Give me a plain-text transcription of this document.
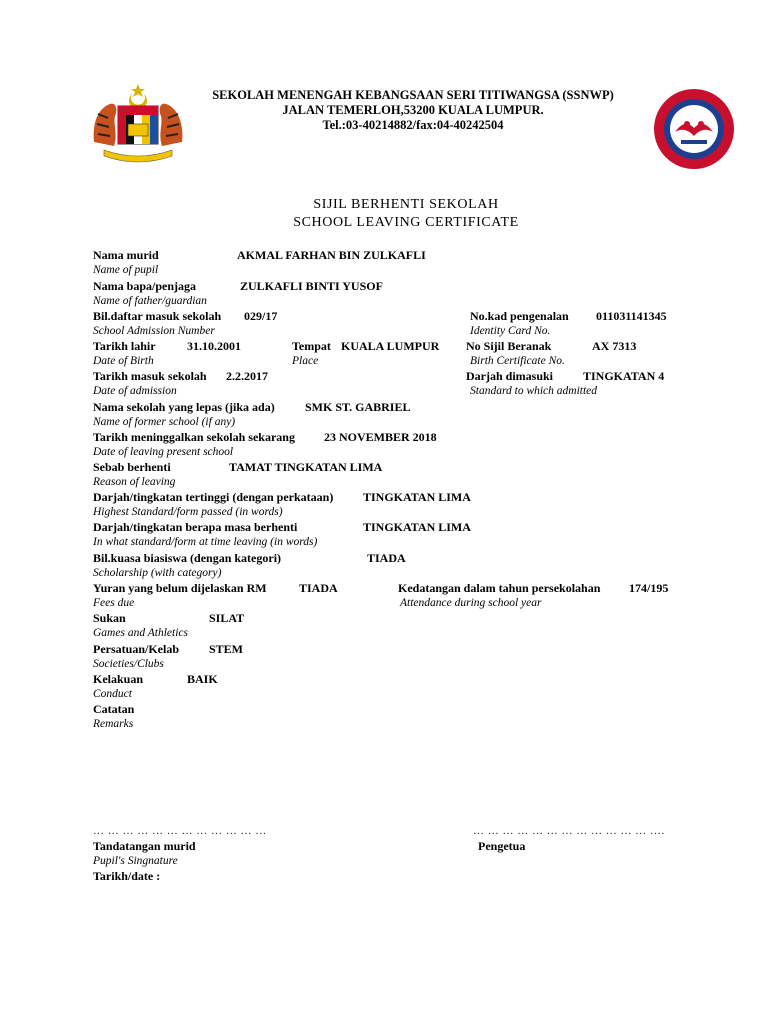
SEKOLAH MENENGAH KEBANGSAAN SERI TITIWANGSA (SSNWP)
JALAN TEMERLOH,53200 KUALA LUMPUR.
Tel.:03-40214882/fax:04-40242504
SIJIL BERHENTI SEKOLAH
SCHOOL LEAVING CERTIFICATE
Nama murid	AKMAL FARHAN BIN ZULKAFLI
Name of pupil
Nama bapa/penjaga	ZULKAFLI BINTI YUSOF
Name of father/guardian
Bil.daftar masuk sekolah 029/17	No.kad pengenalan 011031141345
School Admission Number	Identity Card No.
Tarikh lahir	31.10.2001	Tempat KUALA LUMPUR No Sijil Beranak	AX 7313
Date of Birth	Place	Birth Certificate No.
Tarikh masuk sekolah 2.2.2017	Darjah dimasuki TINGKATAN 4
Date of admission	Standard to which admitted
Nama sekolah yang lepas (jika ada)	SMK ST. GABRIEL
Name of former school (if any)
Tarikh meninggalkan sekolah sekarang 23 NOVEMBER 2018
Date of leaving present school
Sebab berhenti	TAMAT TINGKATAN LIMA
Reason of leaving
Darjah/tingkatan tertinggi (dengan perkataan) TINGKATAN LIMA
Highest Standard/form passed (in words)
Darjah/tingkatan berapa masa berhenti	TINGKATAN LIMA
In what standard/form at time leaving (in words)
Bil.kuasa biasiswa (dengan kategori)	TIADA
Scholarship (with category)
Yuran yang belum dijelaskan RM	TIADA	Kedatangan dalam tahun persekolahan 174/195
Fees due	Attendance during school year
Sukan	SILAT
Games and Athletics
Persatuan/Kelab	STEM
Societies/Clubs
Kelakuan	BAIK
Conduct
Catatan
Remarks
… … … … … … … … … … … …	… … … … … … … … … … … … ….
Tandatangan murid	Pengetua
Pupil's Singnature
Tarikh/date :
